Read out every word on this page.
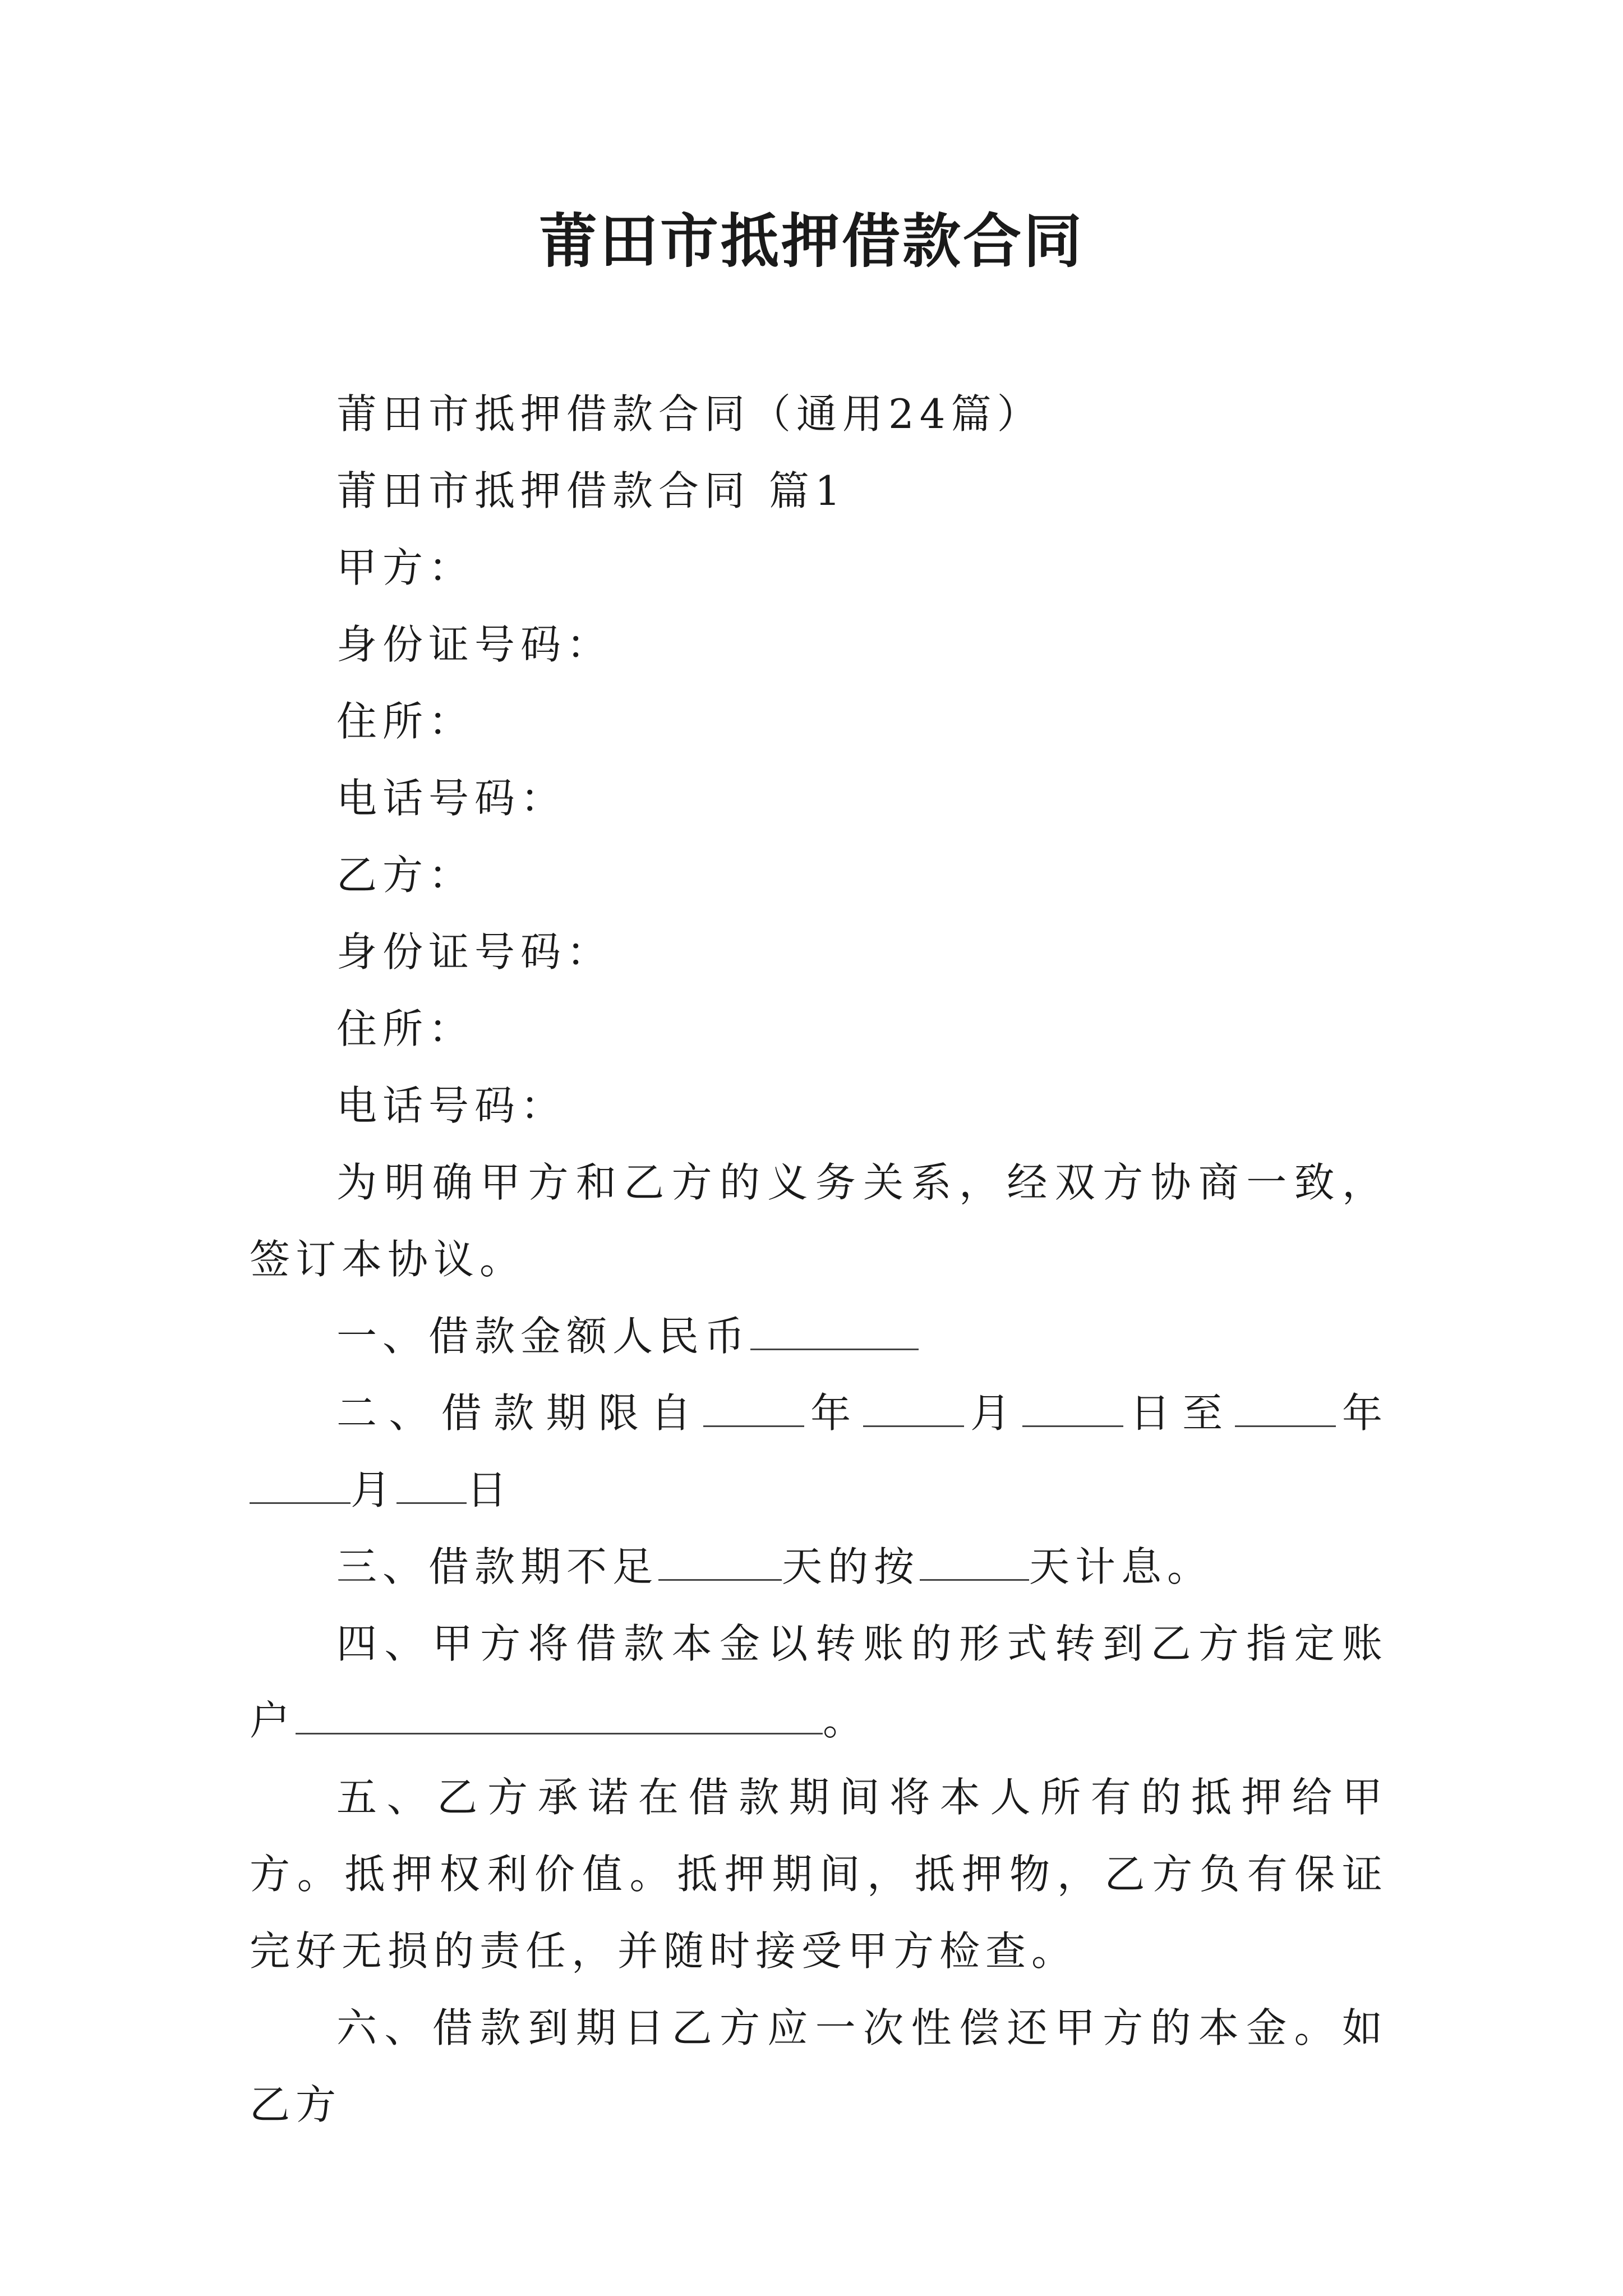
莆田市抵押借款合同

莆田市抵押借款合同（通用24篇）

莆田市抵押借款合同 篇1

甲方：

身份证号码：

住所：

电话号码：

乙方：

身份证号码：

住所：

电话号码：

为明确甲方和乙方的义务关系，经双方协商一致，签订本协议。

一、借款金额人民币

二、借款期限自	年	月	日至	年月 日

三、借款期不足	天的按	天计息。

四、甲方将借款本金以转账的形式转到乙方指定账户	。

五、乙方承诺在借款期间将本人所有的抵押给甲方。抵押权利价值。抵押期间，抵押物，乙方负有保证完好无损的责任，并随时接受甲方检查。

六、借款到期日乙方应一次性偿还甲方的本金。如乙方
